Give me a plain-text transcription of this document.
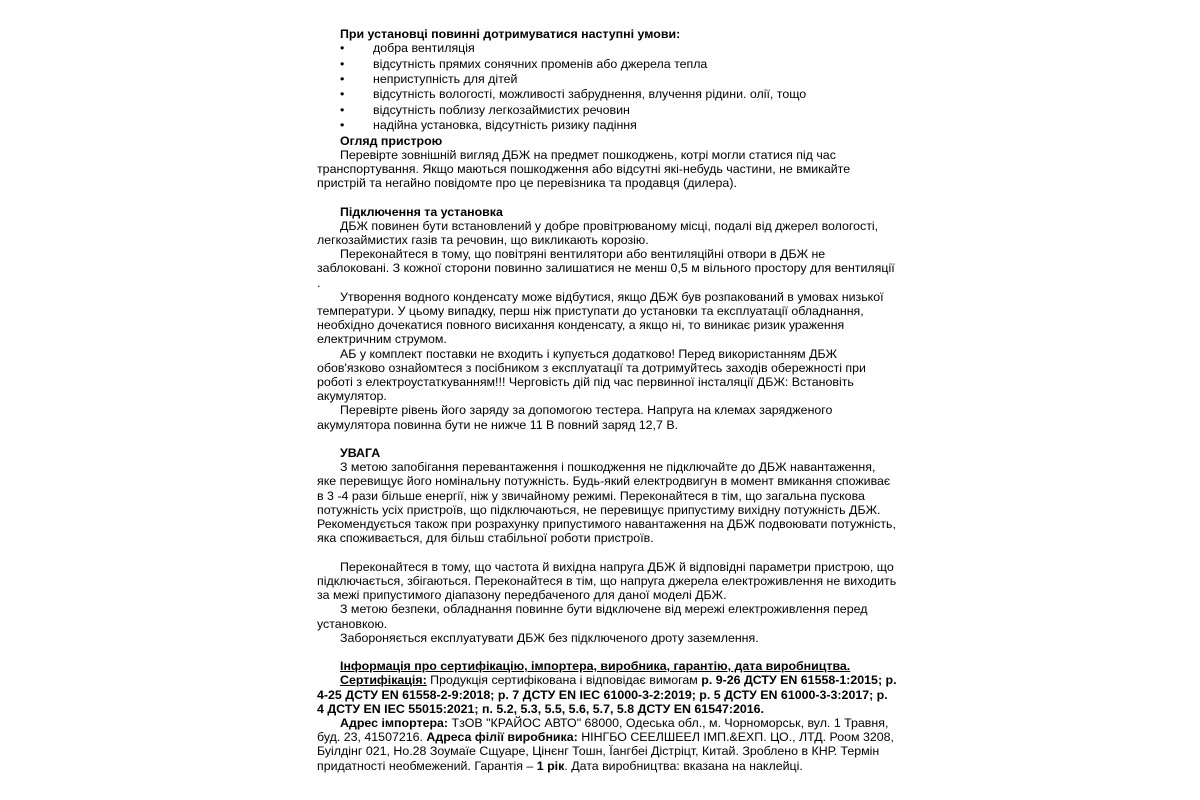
При установці повинні дотримуватися наступні умови:

•	добра вентиляція

•	відсутність прямих сонячних променів або джерела тепла

•	неприступність для дітей

•	відсутність вологості, можливості забруднення, влучення рідини. олії, тощо

•	відсутність поблизу легкозаймистих речовин

•	надійна установка, відсутність ризику падіння

Огляд пристрою

Перевірте зовнішній вигляд ДБЖ на предмет пошкоджень, котрі могли статися під час транспортування. Якщо маються пошкодження або відсутні які-небудь частини, не вмикайте пристрій та негайно повідомте про це перевізника та продавця (дилера).

Підключення та установка

ДБЖ повинен бути встановлений у добре провітрюваному місці, подалі від джерел вологості, легкозаймистих газів та речовин, що викликають корозію.

Переконайтеся в тому, що повітряні вентилятори або вентиляційні отвори в ДБЖ не заблоковані. З кожної сторони повинно залишатися не менш 0,5 м вільного простору для вентиляції .

Утворення водного конденсату може відбутися, якщо ДБЖ був розпакований в умовах низької температури. У цьому випадку, перш ніж приступати до установки та експлуатації обладнання, необхідно дочекатися повного висихання конденсату, а якщо ні, то виникає ризик ураження електричним струмом.

АБ у комплект поставки не входить і купується додатково! Перед використанням ДБЖ обов'язково ознайомтеся з посібником з експлуатації та дотримуйтесь заходів обережності при роботі з електроустаткуванням!!! Черговість дій під час первинної інсталяції ДБЖ: Встановіть акумулятор.

Перевірте рівень його заряду за допомогою тестера. Напруга на клемах зарядженого акумулятора повинна бути не нижче 11 В повний заряд 12,7 В.

УВАГА

З метою запобігання перевантаження і пошкодження не підключайте до ДБЖ навантаження, яке перевищує його номінальну потужність. Будь-який електродвигун в момент вмикання споживає в 3 -4 рази більше енергії, ніж у звичайному режимі. Переконайтеся в тім, що загальна пускова потужність усіх пристроїв, що підключаються, не перевищує припустиму вихідну потужність ДБЖ. Рекомендується також при розрахунку припустимого навантаження на ДБЖ подвоювати потужність, яка споживається, для більш стабільної роботи пристроїв.

Переконайтеся в тому, що частота й вихідна напруга ДБЖ й відповідні параметри пристрою, що підключається, збігаються. Переконайтеся в тім, що напруга джерела електроживлення не виходить за межі припустимого діапазону передбаченого для даної моделі ДБЖ.

З метою безпеки, обладнання повинне бути відключене від мережі електроживлення перед установкою.

Забороняється експлуатувати ДБЖ без підключеного дроту заземлення.

Інформація про сертифікацію, імпортера, виробника, гарантію, дата виробництва.

Сертифікація: Продукція сертифікована і відповідає вимогам р. 9-26 ДСТУ EN 61558-1:2015; р. 4-25 ДСТУ EN 61558-2-9:2018; р. 7 ДСТУ EN IEC 61000-3-2:2019; р. 5 ДСТУ EN 61000-3-3:2017; р. 4 ДСТУ EN IEC 55015:2021; п. 5.2, 5.3, 5.5, 5.6, 5.7, 5.8 ДСТУ EN 61547:2016.

Адрес імпортера: ТзОВ "КРАЙОС АВТО" 68000, Одеська обл., м. Чорноморськ, вул. 1 Травня, буд. 23, 41507216. Адреса філії виробника: НІНГБО СЕЕЛШЕЕЛ ІМП.&ЕХП. ЦО., ЛТД. Роом 3208, Буілдінг 021, Но.28 Зоумаїе Сщуаре, Цінєнг Тошн, Їангбеі Дістріцт, Китай. Зроблено в КНР. Термін придатності необмежений. Гарантія – 1 рік. Дата виробництва: вказана на наклейці.
